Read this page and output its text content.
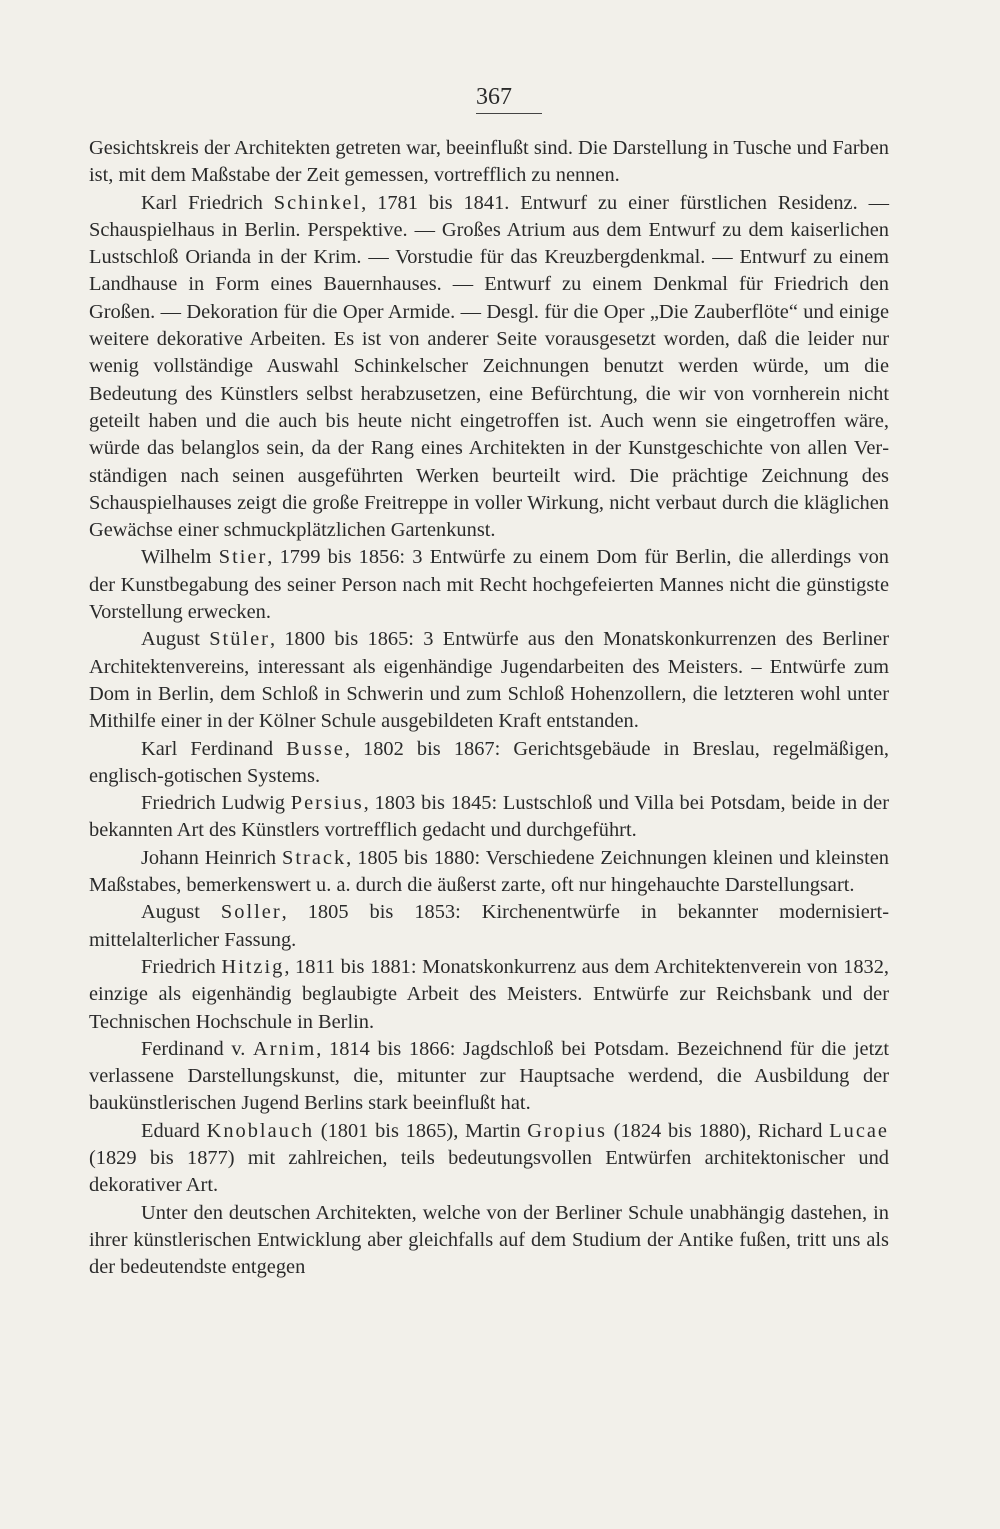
367

Gesichtskreis der Architekten getreten war, beeinflußt sind. Die Darstellung in Tusche und Farben ist, mit dem Maßstabe der Zeit gemessen, vortrefflich zu nennen.

Karl Friedrich Schinkel, 1781 bis 1841. Entwurf zu einer fürstlichen Residenz. — Schauspielhaus in Berlin. Perspektive. — Großes Atrium aus dem Entwurf zu dem kaiserlichen Lustschloß Orianda in der Krim. — Vorstudie für das Kreuzbergdenkmal. — Entwurf zu einem Landhause in Form eines Bauernhauses. — Entwurf zu einem Denkmal für Friedrich den Großen. — Dekoration für die Oper Armide. — Desgl. für die Oper „Die Zauberflöte“ und einige weitere dekorative Arbeiten. Es ist von anderer Seite vorausgesetzt worden, daß die leider nur wenig vollständige Auswahl Schinkelscher Zeichnungen benutzt werden würde, um die Bedeutung des Künstlers selbst herabzusetzen, eine Befürchtung, die wir von vornherein nicht geteilt haben und die auch bis heute nicht eingetroffen ist. Auch wenn sie eingetroffen wäre, würde das belanglos sein, da der Rang eines Architekten in der Kunstgeschichte von allen Verständigen nach seinen ausgeführten Werken beurteilt wird. Die prächtige Zeichnung des Schauspielhauses zeigt die große Freitreppe in voller Wirkung, nicht verbaut durch die kläglichen Gewächse einer schmuckplätzlichen Gartenkunst.

Wilhelm Stier, 1799 bis 1856: 3 Entwürfe zu einem Dom für Berlin, die allerdings von der Kunstbegabung des seiner Person nach mit Recht hochgefeierten Mannes nicht die günstigste Vorstellung erwecken.

August Stüler, 1800 bis 1865: 3 Entwürfe aus den Monatskonkurrenzen des Berliner Architektenvereins, interessant als eigenhändige Jugendarbeiten des Meisters. – Entwürfe zum Dom in Berlin, dem Schloß in Schwerin und zum Schloß Hohenzollern, die letzteren wohl unter Mithilfe einer in der Kölner Schule ausgebildeten Kraft entstanden.

Karl Ferdinand Busse, 1802 bis 1867: Gerichtsgebäude in Breslau, regelmäßigen, englisch-gotischen Systems.

Friedrich Ludwig Persius, 1803 bis 1845: Lustschloß und Villa bei Potsdam, beide in der bekannten Art des Künstlers vortrefflich gedacht und durchgeführt.

Johann Heinrich Strack, 1805 bis 1880: Verschiedene Zeichnungen kleinen und kleinsten Maßstabes, bemerkenswert u. a. durch die äußerst zarte, oft nur hingehauchte Darstellungsart.

August Soller, 1805 bis 1853: Kirchenentwürfe in bekannter modernisiert-mittelalterlicher Fassung.

Friedrich Hitzig, 1811 bis 1881: Monatskonkurrenz aus dem Architektenverein von 1832, einzige als eigenhändig beglaubigte Arbeit des Meisters. Entwürfe zur Reichsbank und der Technischen Hochschule in Berlin.

Ferdinand v. Arnim, 1814 bis 1866: Jagdschloß bei Potsdam. Bezeichnend für die jetzt verlassene Darstellungskunst, die, mitunter zur Hauptsache werdend, die Ausbildung der baukünstlerischen Jugend Berlins stark beeinflußt hat.

Eduard Knoblauch (1801 bis 1865), Martin Gropius (1824 bis 1880), Richard Lucae (1829 bis 1877) mit zahlreichen, teils bedeutungsvollen Entwürfen architektonischer und dekorativer Art.

Unter den deutschen Architekten, welche von der Berliner Schule unabhängig dastehen, in ihrer künstlerischen Entwicklung aber gleichfalls auf dem Studium der Antike fußen, tritt uns als der bedeutendste entgegen
